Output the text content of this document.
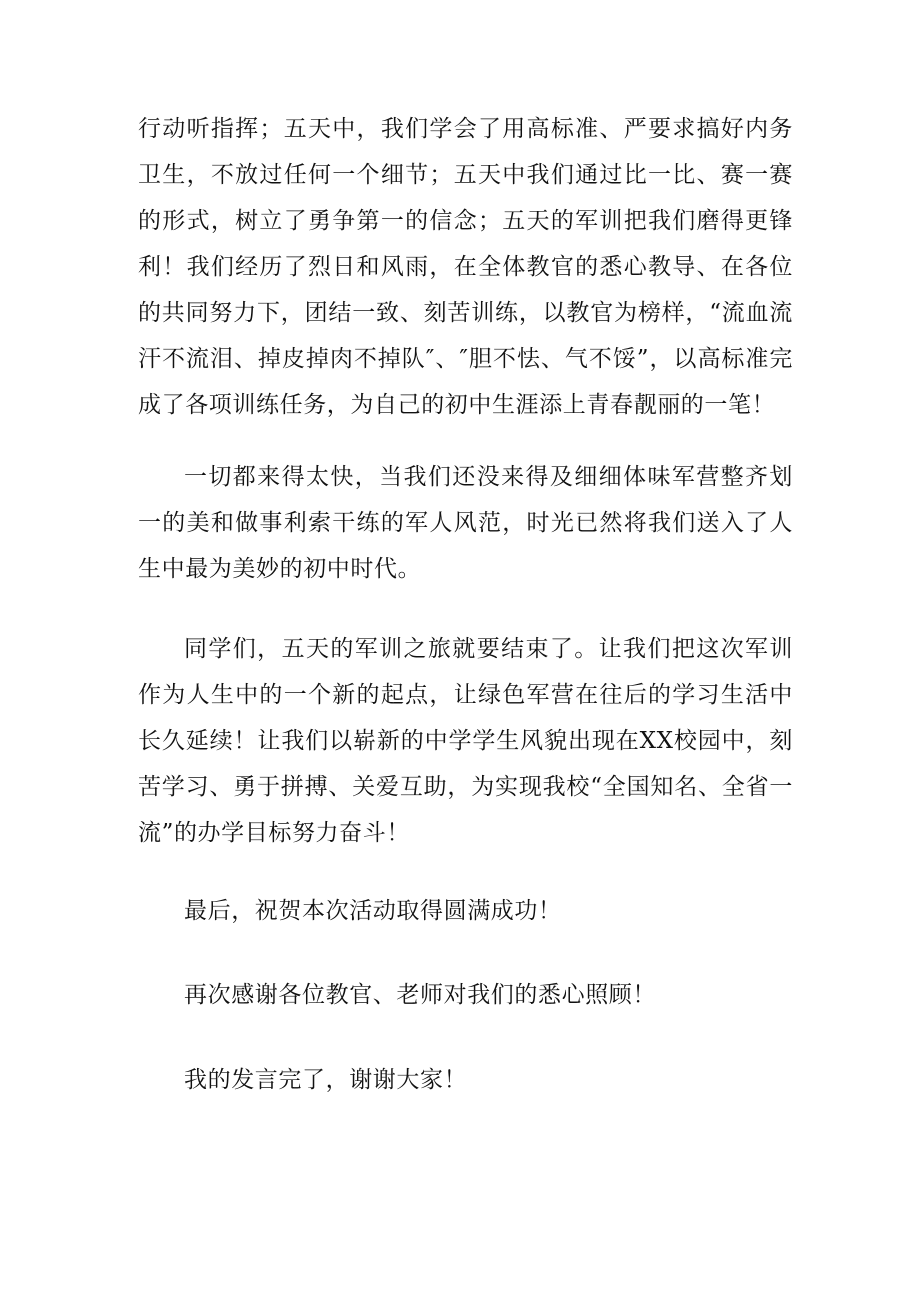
行动听指挥；五天中，我们学会了用高标准、严要求搞好内务卫生，不放过任何一个细节；五天中我们通过比一比、赛一赛的形式，树立了勇争第一的信念；五天的军训把我们磨得更锋利！我们经历了烈日和风雨，在全体教官的悉心教导、在各位的共同努力下，团结一致、刻苦训练，以教官为榜样，“流血流汗不流泪、掉皮掉肉不掉队″、″胆不怯、气不馁”，以高标准完成了各项训练任务，为自己的初中生涯添上青春靓丽的一笔！

一切都来得太快，当我们还没来得及细细体味军营整齐划一的美和做事利索干练的军人风范，时光已然将我们送入了人生中最为美妙的初中时代。

同学们，五天的军训之旅就要结束了。让我们把这次军训作为人生中的一个新的起点，让绿色军营在往后的学习生活中长久延续！让我们以崭新的中学学生风貌出现在XX校园中，刻苦学习、勇于拼搏、关爱互助，为实现我校“全国知名、全省一流”的办学目标努力奋斗！

最后，祝贺本次活动取得圆满成功！

再次感谢各位教官、老师对我们的悉心照顾！

我的发言完了，谢谢大家！
